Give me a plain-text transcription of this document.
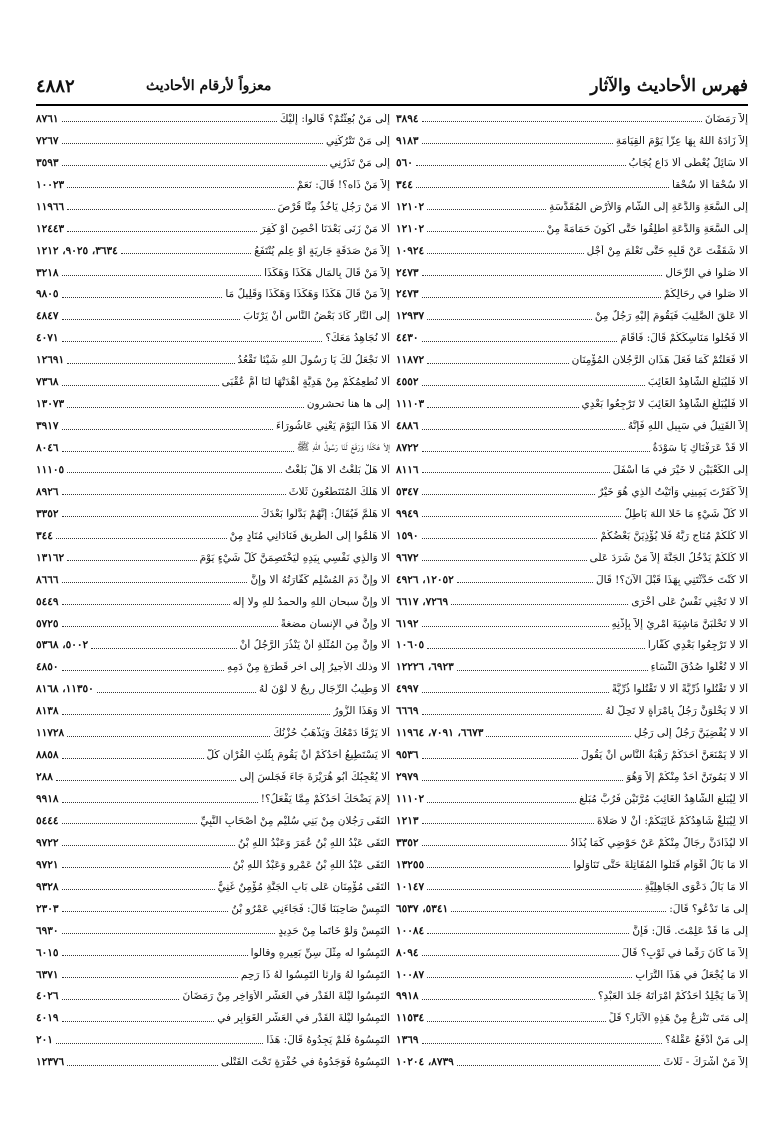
فهرس الأحاديث والآثار
معزواً لأرقام الأحاديث
٤٨٨٢
إلاّ رَمَضَانَ
٣٨٩٤
إلاّ زَادَهُ اللهُ بِهَا عِزّاً يَوْمَ القِيَامَةِ
٩١٨٣
ألا سَائِلٌ يُعْطَى ألا دَاعٍ يُجَابُ
٥٦٠
ألا سُحْقاً ألا سُحْقاً
٣٤٤
إلَى السَّعَةِ وَالدَّعَةِ إلَى الشَّامِ وَالأرْضِ المُقَدَّسَةِ
١٢١٠٢
إلَى السَّعَةِ وَالدَّعَةِ أَطْلِقُوا حَتَّى أكُونَ حَمَامَةً مِنْ
١٢١٠٢
ألا شَقَقْتَ عَنْ قَلْبِهِ حَتَّى تَعْلَمَ مِنْ أجْلِ
١٠٩٢٤
ألا صَلُّوا في الرِّحَالِ
٢٤٧٣
ألا صَلُّوا في رِحَالِكُمْ
٢٤٧٣
ألا عَلَّقَ الصَّلِيبَ فَيَقُومَ إلَيْهِ رَجُلٌ مِنْ
١٢٩٣٧
ألا فَحُلُّوا مَنَاسِكَكُمْ قَالَ: فَأقَامَ
٤٤٣٠
ألا فَعَلْتُمْ كَمَا فَعَلَ هَذَانِ الرَّجُلانِ المُؤْمِنَانِ
١١٨٧٢
ألا فَلْيُبَلِّغِ الشَّاهِدُ الغَائِبَ
٤٥٥٢
ألا فَلْيُبَلِّغِ الشَّاهِدُ الغَائِبَ لا تَرْجِعُوا بَعْدِي
١١١٠٣
إلاّ القَتِيلُ في سَبِيلِ اللهِ فَإِنَّهُ
٤٨٨٦
ألا قَدْ عَرَفْنَاكِ يَا سَوْدَةُ
٨٧٢٢
إلَى الكَعْبَيْنِ لا خَيْرَ في مَا أَسْفَلَ
٨١١٦
إلاّ كَفَرْتَ يَمِينِي وَأَتَيْتُ الَّذِي هُوَ خَيْرٌ
٥٣٤٧
ألا كُلُّ شَيْءٍ مَا خَلا اللهَ بَاطِلٌ
٩٩٤٩
ألا كُلُّكُمْ مُنَاجٍ رَبَّهُ فَلا يُؤْذِيَنَّ بَعْضُكُمْ
١٥٩٠
ألا كُلُّكُمْ يَدْخُلُ الجَنَّةَ إلاّ مَنْ شَرَدَ عَلَى
٩٦٧٢
ألا كُنْتَ حَدَّثْتَنِي بِهَذَا قَبْلَ الآنَ؟! قَالَ
١٢٠٥٢، ٤٩٢٦
ألا لا تَجْنِي نَفْسٌ عَلَى أُخْرَى
٧٢٦٩، ٦٦١٧
ألا لا تَحْلُبَنَّ مَاشِيَةَ امْرِئٍ إلاّ بِإِذْنِهِ
٦١٩٢
ألا لا تَرْجِعُوا بَعْدِي كُفَّاراً
١٠٦٠٥
ألا لا تُغْلُوا صُدُقَ النِّسَاءِ
٦٩٢٣، ١٢٢٢٦
ألا لا تَقْتُلُوا ذُرِّيَّةً ألا لا تَقْتُلُوا ذُرِّيَّةً
٤٩٩٧
ألا لا يَخْلُوَنَّ رَجُلٌ بِامْرَأَةٍ لا تَحِلُّ لَهُ
٦٦٦٩
ألا لا يُفْضِيَنَّ رَجُلٌ إلَى رَجُلٍ
٦٦٧٣، ٧٠٩١، ١١٩٦٤
ألا لا يَمْنَعَنَّ أحَدَكُمْ رَهْبَةُ النَّاسِ أنْ يَقُولَ
٩٥٣٦
ألا لا يَمُوتَنَّ أحَدٌ مِنْكُمْ إلاّ وَهُوَ
٢٩٧٩
ألا لِيُبَلِّغِ الشَّاهِدُ الغَائِبَ مُرَّتَيْنِ فَرُبَّ مُبَلَّغٍ
١١١٠٢
ألا لِيُبَلِّغْ شَاهِدُكُمْ غَائِبَكُمْ: أنْ لا صَلاةَ
١٢١٣
ألا لَيُذَادَنَّ رِجَالٌ مِنْكُمْ عَنْ حَوْضِي كَمَا يُذَادُ
٣٣٥٢
ألا مَا بَالُ أقْوَامٍ قَتَلُوا المُقَاتِلَةَ حَتَّى تَنَاوَلُوا
١٣٢٥٥
ألا مَا بَالُ دَعْوَى الجَاهِلِيَّةِ
١٠١٤٧
إلَى مَا تَدْعُو؟ قَالَ:
٥٣٤١، ٦٥٣٧
إلَى مَا قَدْ عَلِمْتَ. قَالَ: فَإِنَّ
١٠٠٨٤
إلاّ مَا كَانَ رَقْماً في ثَوْبٍ؟ قَالَ
٨٠٩٤
ألا مَا يُجْعَلُ في هَذَا التُّرَابِ
١٠٠٨٧
إلاّ مَا يَجْلِدُ أحَدُكُمْ امْرَأَتَهُ جَلْدَ العَبْدِ؟
٩٩١٨
إلَى مَتَى تَنْزِعُ مِنْ هَذِهِ الآبَارِ؟ قَلِّ
١١٥٣٤
إلَى مَنْ أدْفَعُ عَقْلَهُ؟
١٣٦٩
إلاّ مَنْ أشْرَكَ - ثَلاثَ
٨٧٣٩، ١٠٢٠٤
إلَى مَنْ بُعِثْتُمْ؟ قَالُوا: إلَيْكَ
٨٧٦١
إلَى مَنْ تَتْرُكُنِي
٧٢٦٧
إلَى مَنْ تَذَرُنِي
٣٥٩٣
إلاّ مَنْ ذَاه؟! قَالَ: نَعَمْ
١٠٠٢٣
ألا مَنْ رَجُلٍ يَأْخُذُ مِنَّا قُرْصَ
١١٩٦٦
ألا مَنْ زَنَى بَعْدَنَا أحْصِنَ أوْ كُفِرَ
١٢٤٤٣
إلاّ مَنْ صَدَقَةٍ جَارِيَةٍ أوْ عِلْمٍ يُنْتَفَعُ
٣٦٣٤، ٩٠٢٥، ١٢١٢
إلاّ مَنْ قَالَ بِالمَالِ هَكَذَا وَهَكَذَا
٣٢١٨
إلاّ مَنْ قَالَ هَكَذَا وَهَكَذَا وَهَكَذَا وَقَلِيلٌ مَا
٩٨٠٥
إلَى النَّارِ كَادَ بَعْضُ النَّاسِ أنْ يَرْتَابَ
٤٨٤٧
ألا نُجَاهِدُ مَعَكَ؟
٤٠٧١
ألا نَجْعَلُ لَكَ يَا رَسُولَ اللهِ شَيْئاً تَقْعُدُ
١٢٦٩١
ألا نُطْعِمُكُمْ مِنْ هَدِيَّةٍ أهْدَتْهَا لَنَا أُمُّ عُقْبَى
٧٣٦٨
إلى ها هنا تحشرون
١٣٠٧٣
ألا هَذَا اليَوْمَ يَعْنِي عَاشُورَاءَ
٣٩١٧
إلاّ هَكَذَا وَرَفَعَ لَنَا رَسُولُ اللهِ ﷺ
٨٠٤٦
ألا هَلْ بَلَّغْتُ ألا هَلْ بَلَّغْتُ
١١١٠٥
ألا هَلَكَ المُتَنَطِّعُونَ ثَلاثَ
٨٩٢٦
ألا هَلُمَّ فَيُقَالُ: إنَّهُمْ بَدَّلُوا بَعْدَكَ
٣٣٥٢
ألا هَلُمُّوا إلَى الطَّرِيقِ فَنَادَانِي مُنَادٍ مِنْ
٣٤٤
ألا وَالَّذِي نَفْسِي بِيَدِهِ لَيَخْتَصِمَنَّ كُلُّ شَيْءٍ يَوْمَ
١٣١٦٢
ألا وإنَّ دَمَ المُسْلِمِ كَفَّارَتُهُ ألا وإنَّ
٨٦٦٦
ألا وإنَّ سبحان اللهِ والحمدُ للهِ ولا إله
٥٤٤٩
ألا وإنَّ في الإنسانِ مضغةً
٥٧٢٥
ألا وإنَّ مِنَ المُثْلَةِ أنْ يَنْذُرَ الرَّجُلُ أنْ
٥٠٠٢، ٥٣٦٨
ألا وذلك الأجيرُ إلى آخرِ قَطْرَةٍ مِنْ دَمِهِ
٤٨٥٠
ألا وَطِيبُ الرِّجَالِ رِيحٌ لا لَوْنَ لَهُ
١١٣٥٠، ٨١٦٨
ألا وَهَذَا الزُّورُ
٨١٣٨
ألا يَرْقَأُ دَمْعُكَ وَيَذْهَبُ حُزْنُكَ
١١٧٢٨
ألا يَسْتَطِيعُ أحَدُكُمْ أنْ يَقُومَ بِثُلُثِ القُرْآنِ كُلَّ
٨٨٥٨
ألا يُعْجِبُكَ أبُو هُرَيْرَةَ جَاءَ فَجَلَسَ إلَى
٢٨٨
إلامَ يَضْحَكُ أحَدُكُمْ مِمَّا يَفْعَلُ؟!
٩٩١٨
التَقَى رَجُلانِ مِنْ بَنِي سُلَيْمٍ مِنْ أصْحَابِ النَّبِيِّ
٥٤٤٤
التَقَى عَبْدُ اللهِ بْنُ عُمَرَ وَعَبْدُ اللهِ بْنُ
٩٧٢٢
التَقَى عَبْدُ اللهِ بْنُ عَمْرٍو وَعَبْدُ اللهِ بْنُ
٩٧٢١
التَقَى مُؤْمِنَانِ عَلَى بَابِ الجَنَّةِ مُؤْمِنٌ غَنِيٌّ
٩٣٢٨
التَمِسْ صَاحِبَنَا قَالَ: فَجَاءَنِي عَمْرُو بْنُ
٢٣٠٣
التَمِسْ وَلَوْ خَاتَماً مِنْ حَدِيدٍ
٦٩٣٠
التَمِسُوا له مِثْلَ سِنِّ بَعِيرِهِ وقالوا
٦٠١٥
التَمِسُوا لَهُ وَارِثاً التَمِسُوا لَهُ ذَا رَحِمٍ
٦٣٧١
التَمِسُوا لَيْلَةَ القَدْرِ في العَشْرِ الأوَاخِرِ مِنْ رَمَضَانَ
٤٠٢٦
التَمِسُوا لَيْلَةَ القَدْرِ في العَشْرِ الغَوَابِرِ في
٤٠١٩
التَمِسُوهُ فَلَمْ يَجِدُوهُ قَالَ: هَذَا
٢٠١
التَمِسُوهُ فَوَجَدُوهُ في حُفْرَةٍ تَحْتَ القَتْلَى
١٢٣٧٦
